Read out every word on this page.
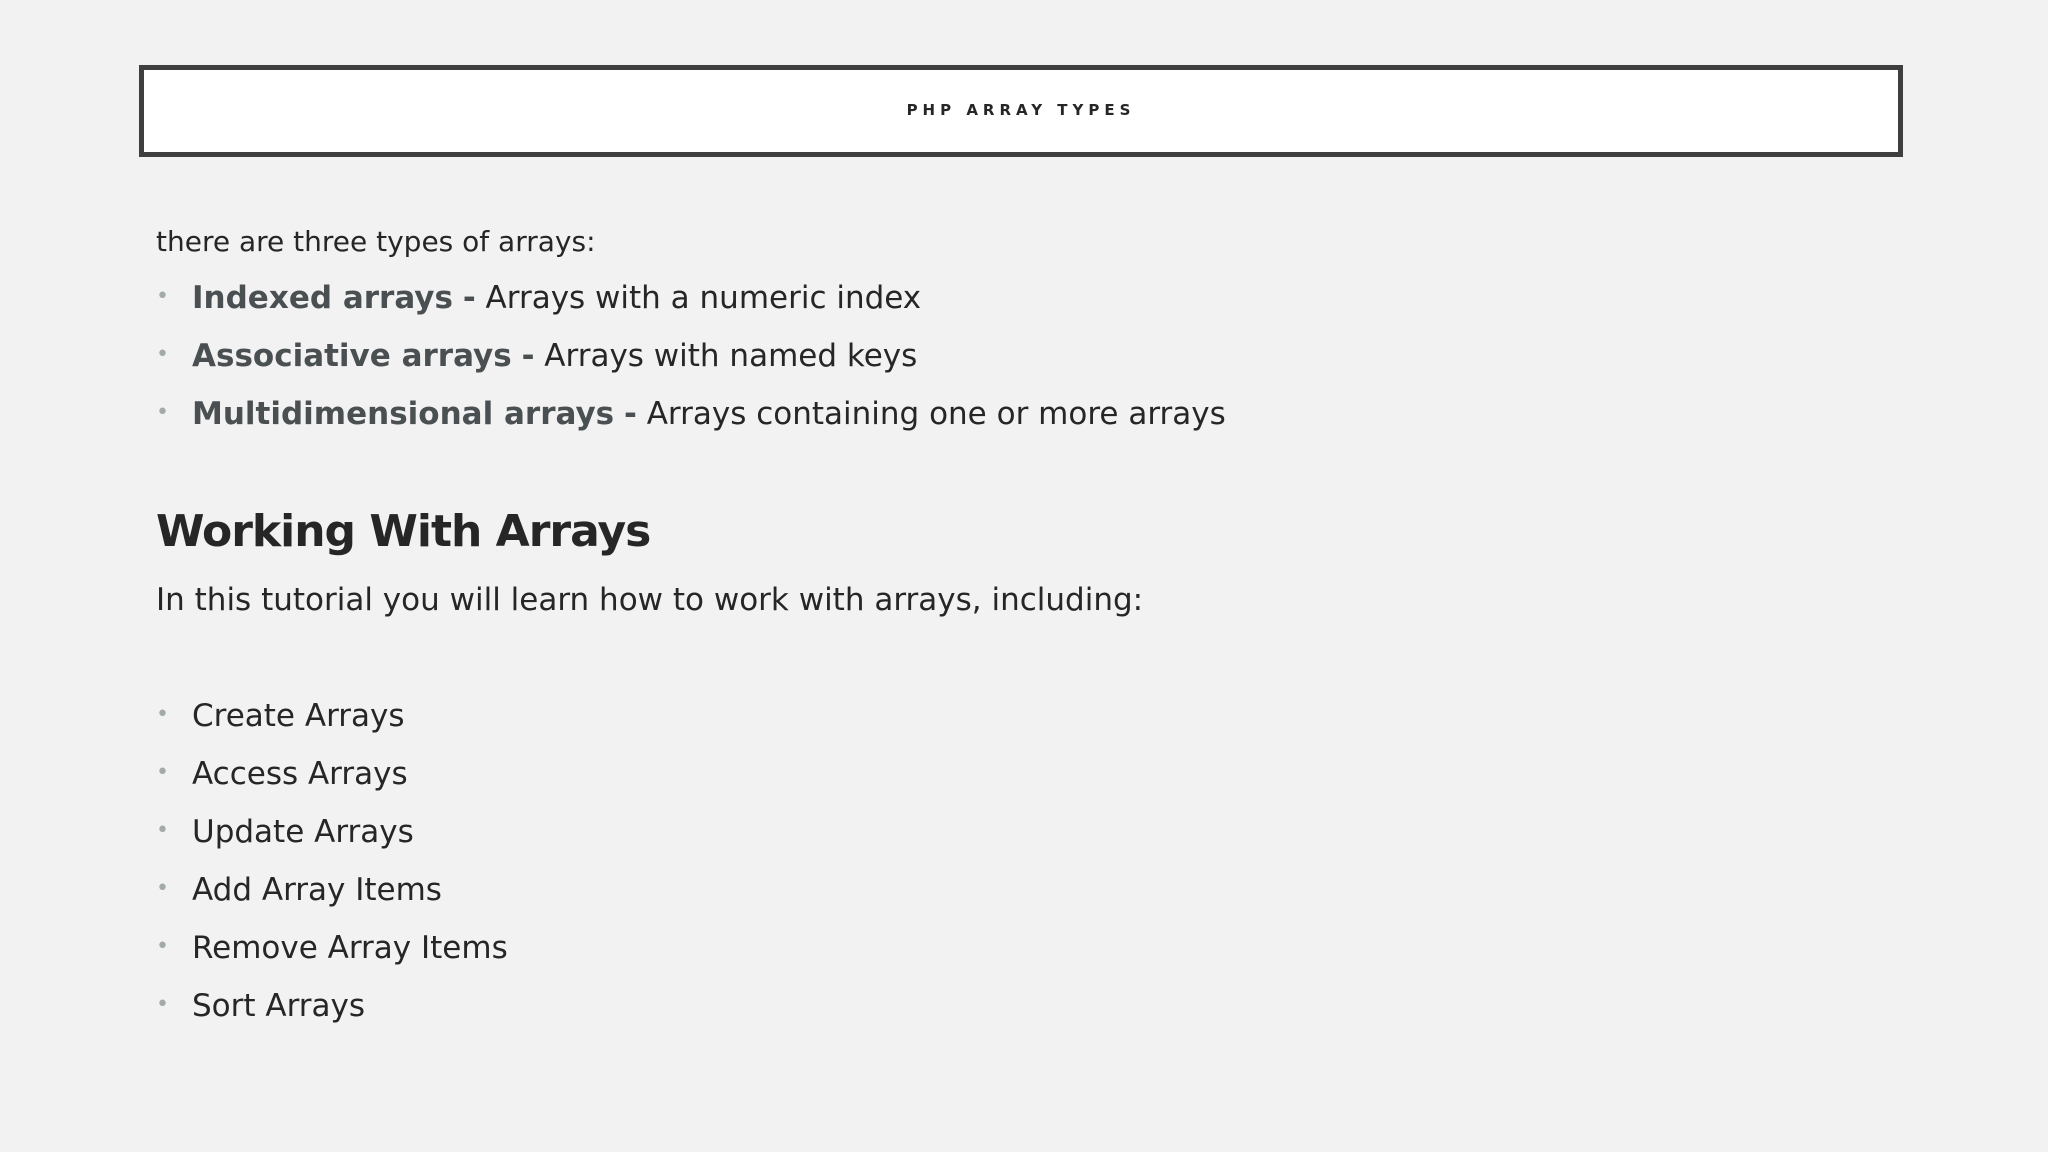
PHP ARRAY TYPES
there are three types of arrays:
• Indexed arrays - Arrays with a numeric index
• Associative arrays - Arrays with named keys
• Multidimensional arrays - Arrays containing one or more arrays
Working With Arrays
In this tutorial you will learn how to work with arrays, including:
• Create Arrays
• Access Arrays
• Update Arrays
• Add Array Items
• Remove Array Items
• Sort Arrays
